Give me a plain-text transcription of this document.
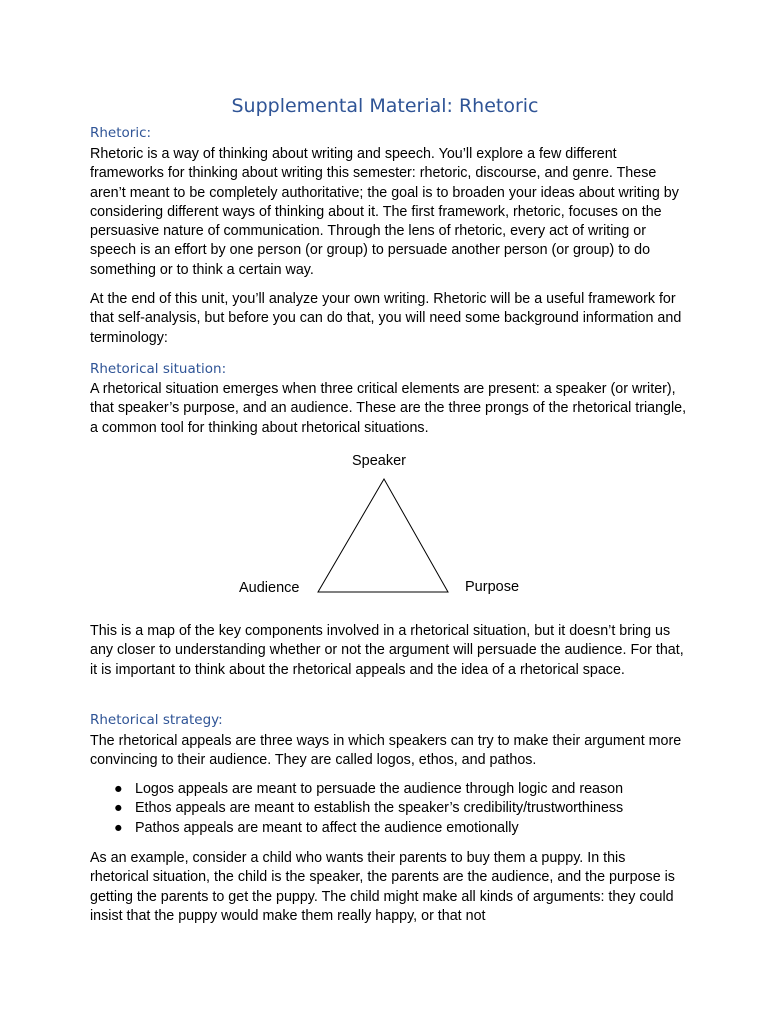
Supplemental Material: Rhetoric
Rhetoric:

Rhetoric is a way of thinking about writing and speech. You’ll explore a few different frameworks for thinking about writing this semester: rhetoric, discourse, and genre. These aren’t meant to be completely authoritative; the goal is to broaden your ideas about writing by considering different ways of thinking about it. The first framework, rhetoric, focuses on the persuasive nature of communication. Through the lens of rhetoric, every act of writing or speech is an effort by one person (or group) to persuade another person (or group) to do something or to think a certain way.

At the end of this unit, you’ll analyze your own writing. Rhetoric will be a useful framework for that self-analysis, but before you can do that, you will need some background information and terminology:

Rhetorical situation:

A rhetorical situation emerges when three critical elements are present: a speaker (or writer), that speaker’s purpose, and an audience. These are the three prongs of the rhetorical triangle, a common tool for thinking about rhetorical situations.

Speaker
Audience	Purpose

This is a map of the key components involved in a rhetorical situation, but it doesn’t bring us any closer to understanding whether or not the argument will persuade the audience. For that, it is important to think about the rhetorical appeals and the idea of a rhetorical space.

Rhetorical strategy:

The rhetorical appeals are three ways in which speakers can try to make their argument more convincing to their audience. They are called logos, ethos, and pathos.

● Logos appeals are meant to persuade the audience through logic and reason
● Ethos appeals are meant to establish the speaker’s credibility/trustworthiness
● Pathos appeals are meant to affect the audience emotionally

As an example, consider a child who wants their parents to buy them a puppy. In this rhetorical situation, the child is the speaker, the parents are the audience, and the purpose is getting the parents to get the puppy. The child might make all kinds of arguments: they could insist that the puppy would make them really happy, or that not
